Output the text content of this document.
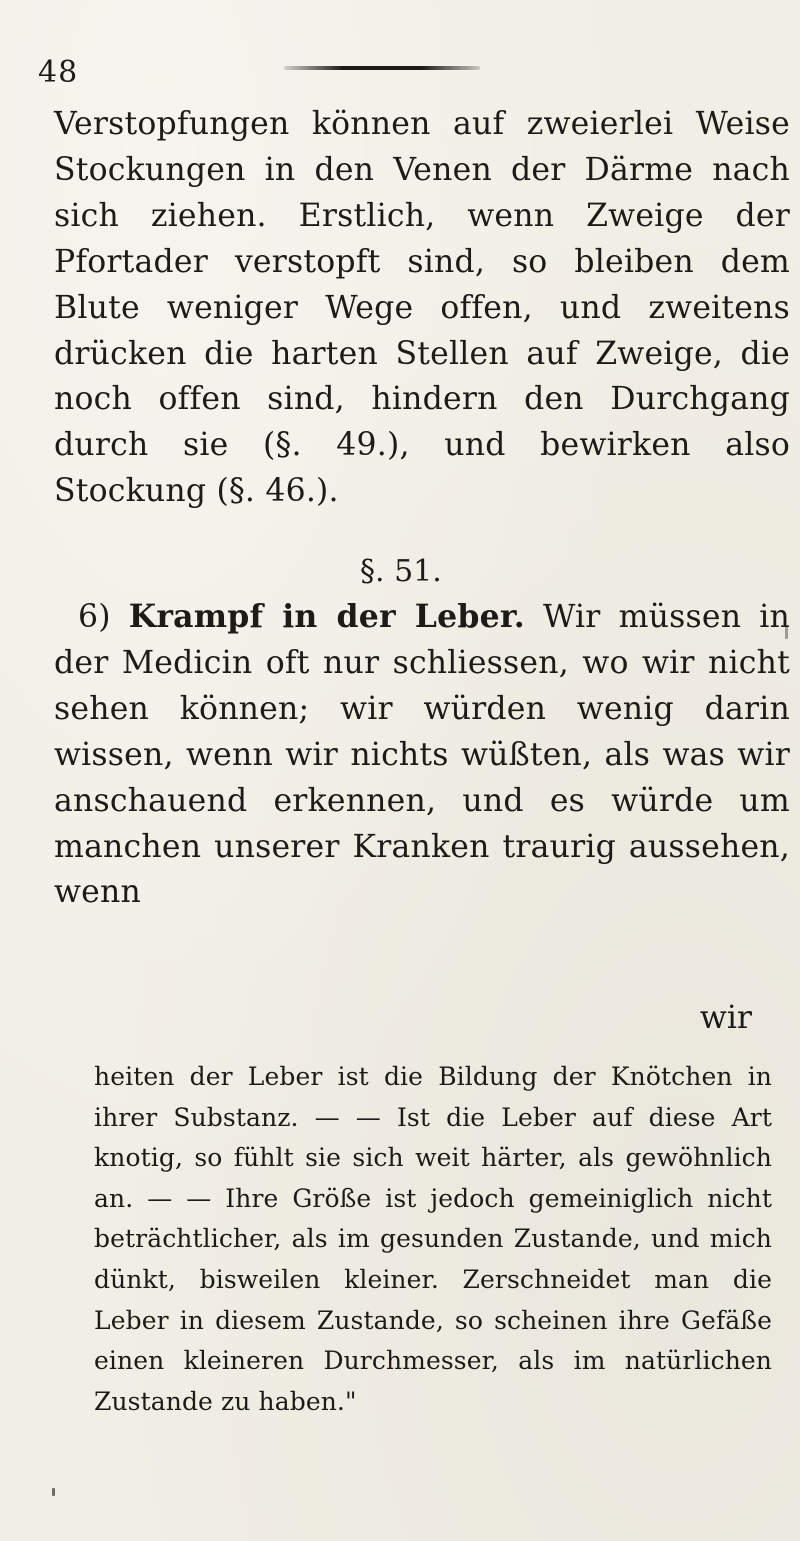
48

Verstopfungen können auf zweierlei Weise Stockungen in den Venen der Därme nach sich ziehen. Erstlich, wenn Zweige der Pfortader verstopft sind, so bleiben dem Blute weniger Wege offen, und zweitens drücken die harten Stellen auf Zweige, die noch offen sind, hindern den Durchgang durch sie (§. 49.), und bewirken also Stockung (§. 46.).

§. 51.

6) Krampf in der Leber. Wir müssen in der Medicin oft nur schliessen, wo wir nicht sehen können; wir würden wenig darin wissen, wenn wir nichts wüßten, als was wir anschauend erkennen, und es würde um manchen unserer Kranken traurig aussehen, wenn

wir

heiten der Leber ist die Bildung der Knötchen in ihrer Substanz. — — Ist die Leber auf diese Art knotig, so fühlt sie sich weit härter, als gewöhnlich an. — — Ihre Größe ist jedoch gemeiniglich nicht beträchtlicher, als im gesunden Zustande, und mich dünkt, bisweilen kleiner. Zerschneidet man die Leber in diesem Zustande, so scheinen ihre Gefäße einen kleineren Durchmesser, als im natürlichen Zustande zu haben."
